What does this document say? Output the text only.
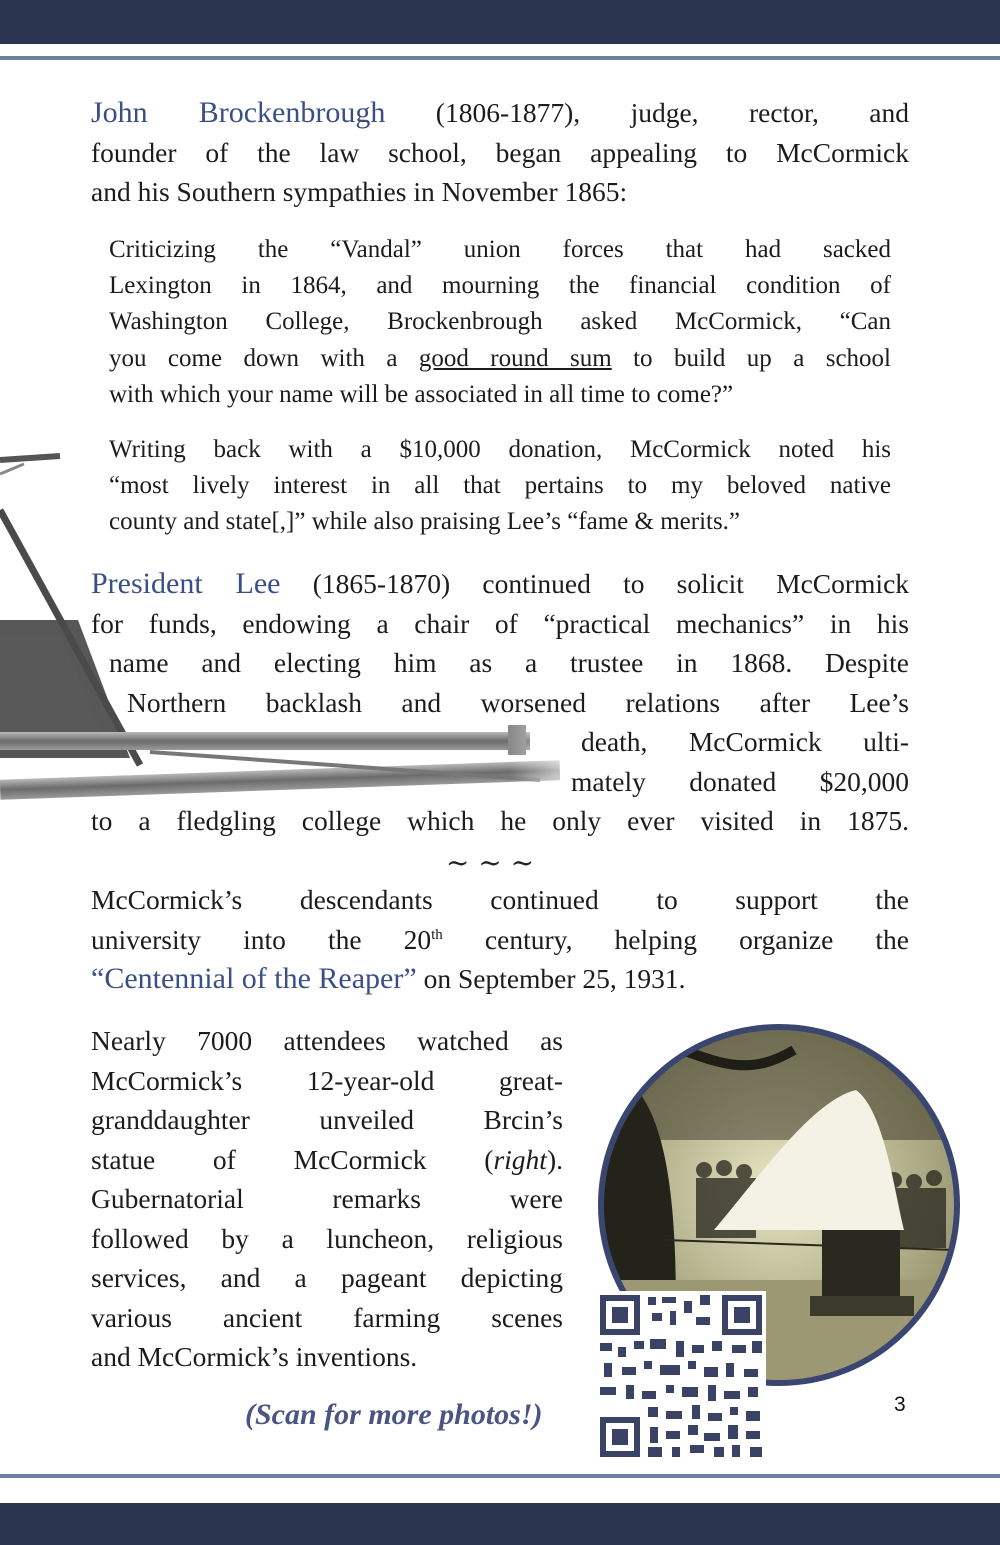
John Brockenbrough (1806-1877), judge, rector, and
founder of the law school, began appealing to McCormick
and his Southern sympathies in November 1865:
Criticizing the “Vandal” union forces that had sacked
Lexington in 1864, and mourning the financial condition of
Washington College, Brockenbrough asked McCormick, “Can
you come down with a good round sum to build up a school
with which your name will be associated in all time to come?”
Writing back with a $10,000 donation, McCormick noted his
“most lively interest in all that pertains to my beloved native
county and state[,]” while also praising Lee’s “fame & merits.”
President Lee (1865-1870) continued to solicit McCormick
for funds, endowing a chair of “practical mechanics” in his
name and electing him as a trustee in 1868. Despite
Northern backlash and worsened relations after Lee’s
death, McCormick ulti-
mately donated $20,000
to a fledgling college which he only ever visited in 1875.
~ ~ ~
McCormick’s descendants continued to support the
university into the 20th century, helping organize the
“Centennial of the Reaper” on September 25, 1931.
Nearly 7000 attendees watched as
McCormick’s 12-year-old great-
granddaughter unveiled Brcin’s
statue of McCormick (right).
Gubernatorial remarks were
followed by a luncheon, religious
services, and a pageant depicting
various ancient farming scenes
and McCormick’s inventions.
(Scan for more photos!)	3
